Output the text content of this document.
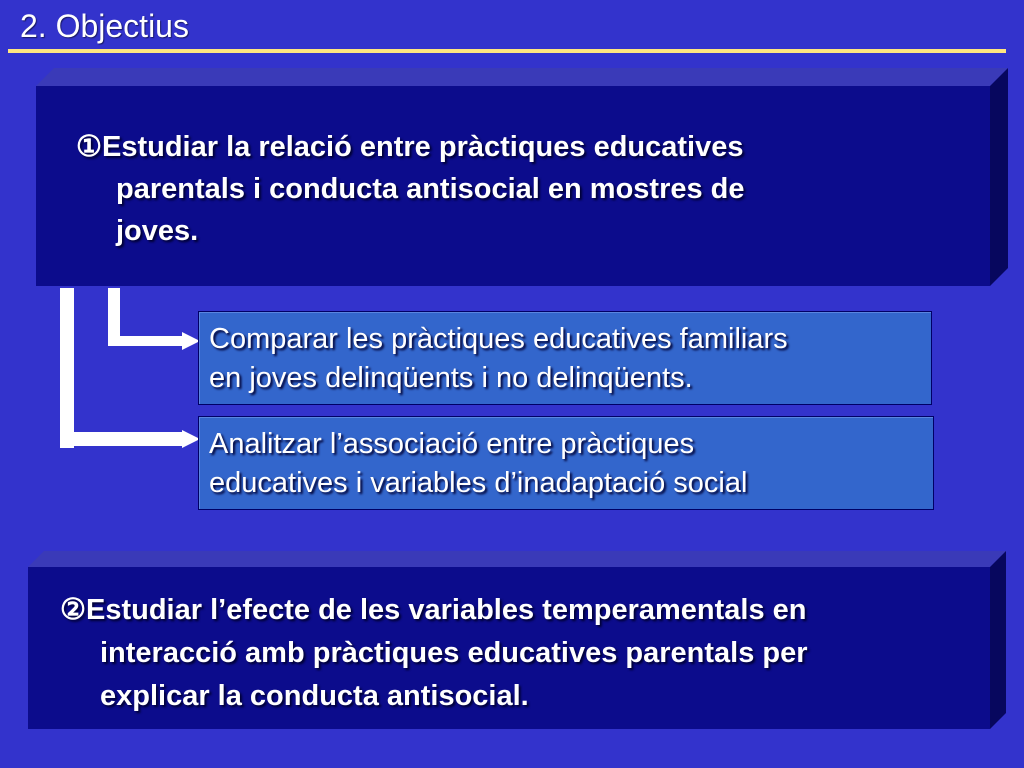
2. Objectius
①Estudiar la relació entre pràctiques educatives
parentals i conducta antisocial en mostres de
joves.
Comparar les pràctiques educatives familiars
en joves delinqüents i no delinqüents.
Analitzar l’associació entre pràctiques
educatives i variables d’inadaptació social
②Estudiar l’efecte de les variables temperamentals en
interacció amb pràctiques educatives parentals per
explicar la conducta antisocial.
